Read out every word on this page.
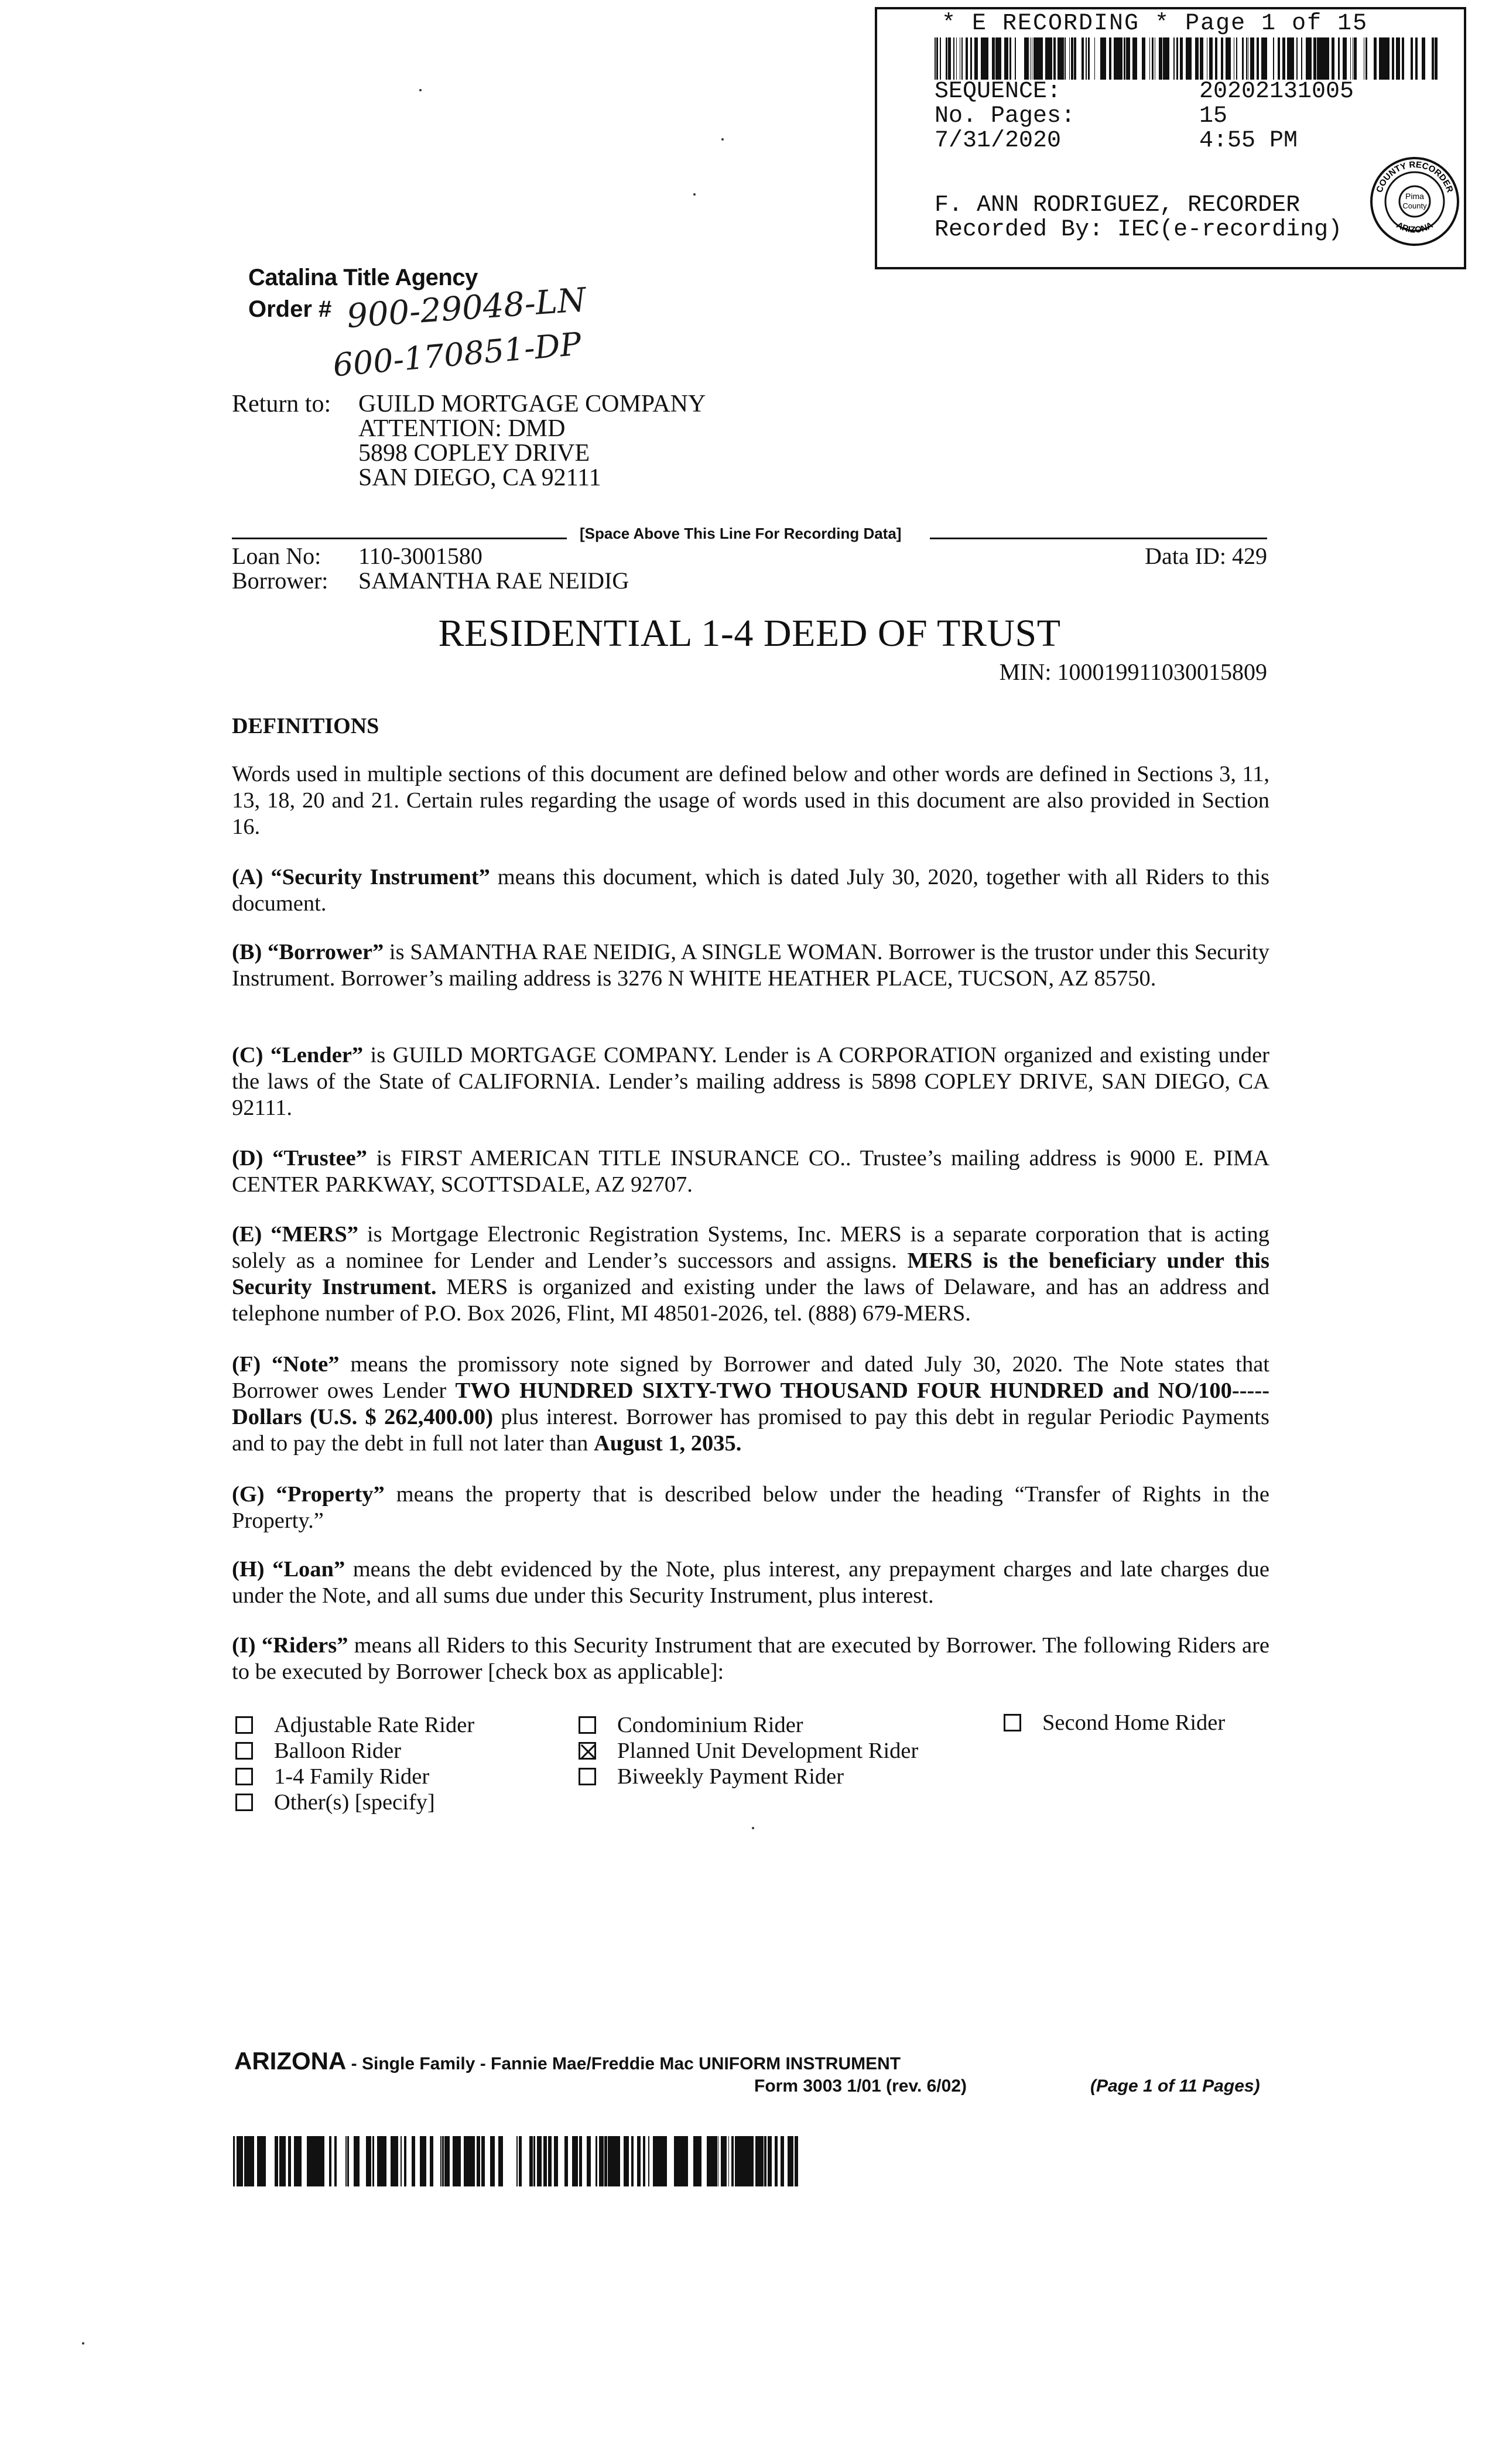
* E RECORDING * Page 1 of 15
SEQUENCE:	20202131005
No. Pages:	15
7/31/2020	4:55 PM
F. ANN RODRIGUEZ, RECORDER
Recorded By: IEC(e-recording)
Pima
County
COUNTY RECORDER
ARIZONA
Catalina Title Agency
Order # 900-29048-LN
600-170851-DP
Return to: GUILD MORTGAGE COMPANY
ATTENTION: DMD
5898 COPLEY DRIVE
SAN DIEGO, CA 92111
[Space Above This Line For Recording Data]
Loan No: 110-3001580
Borrower: SAMANTHA RAE NEIDIG
Data ID: 429
RESIDENTIAL 1-4 DEED OF TRUST
MIN: 100019911030015809
DEFINITIONS
Words used in multiple sections of this document are defined below and other words are defined in Sections 3, 11, 13, 18, 20 and 21. Certain rules regarding the usage of words used in this document are also provided in Section 16.
(A) “Security Instrument” means this document, which is dated July 30, 2020, together with all Riders to this document.
(B) “Borrower” is SAMANTHA RAE NEIDIG, A SINGLE WOMAN. Borrower is the trustor under this Security Instrument. Borrower’s mailing address is 3276 N WHITE HEATHER PLACE, TUCSON, AZ 85750.
(C) “Lender” is GUILD MORTGAGE COMPANY. Lender is A CORPORATION organized and existing under the laws of the State of CALIFORNIA. Lender’s mailing address is 5898 COPLEY DRIVE, SAN DIEGO, CA 92111.
(D) “Trustee” is FIRST AMERICAN TITLE INSURANCE CO.. Trustee’s mailing address is 9000 E. PIMA CENTER PARKWAY, SCOTTSDALE, AZ 92707.
(E) “MERS” is Mortgage Electronic Registration Systems, Inc. MERS is a separate corporation that is acting solely as a nominee for Lender and Lender’s successors and assigns. MERS is the beneficiary under this Security Instrument. MERS is organized and existing under the laws of Delaware, and has an address and telephone number of P.O. Box 2026, Flint, MI 48501-2026, tel. (888) 679-MERS.
(F) “Note” means the promissory note signed by Borrower and dated July 30, 2020. The Note states that Borrower owes Lender TWO HUNDRED SIXTY-TWO THOUSAND FOUR HUNDRED and NO/100-----Dollars (U.S. $ 262,400.00) plus interest. Borrower has promised to pay this debt in regular Periodic Payments and to pay the debt in full not later than August 1, 2035.
(G) “Property” means the property that is described below under the heading “Transfer of Rights in the Property.”
(H) “Loan” means the debt evidenced by the Note, plus interest, any prepayment charges and late charges due under the Note, and all sums due under this Security Instrument, plus interest.
(I) “Riders” means all Riders to this Security Instrument that are executed by Borrower. The following Riders are to be executed by Borrower [check box as applicable]:
Adjustable Rate Rider
Balloon Rider
1-4 Family Rider
Other(s) [specify]
Condominium Rider
Planned Unit Development Rider
Biweekly Payment Rider
Second Home Rider
ARIZONA - Single Family - Fannie Mae/Freddie Mac UNIFORM INSTRUMENT
Form 3003 1/01 (rev. 6/02)	(Page 1 of 11 Pages)
